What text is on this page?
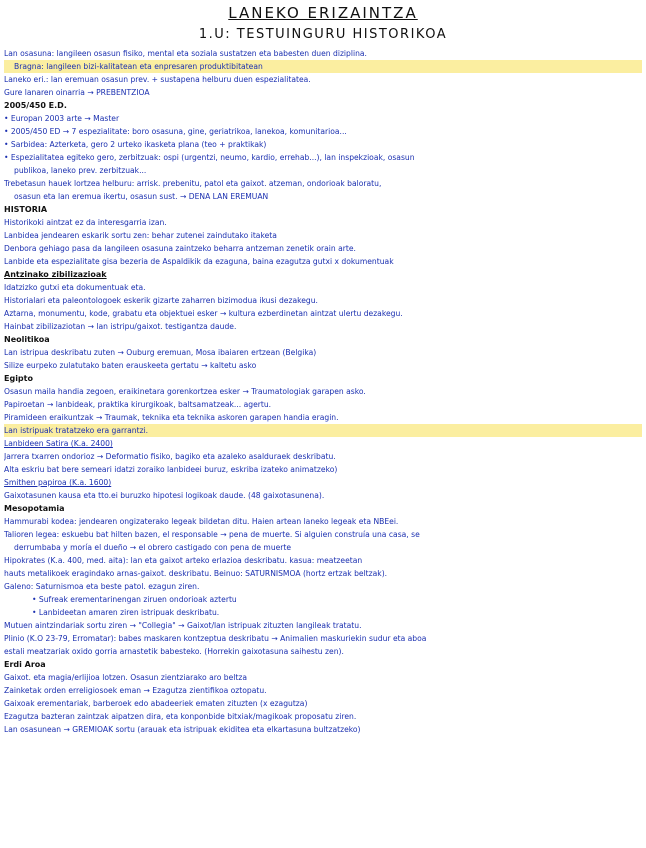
LANEKO ERIZAINTZA
1.U: TESTUINGURU HISTORIKOA
Lan osasuna: langileen osasun fisiko, mental eta soziala sustatzen eta babesten duen diziplina.
Bragna: langileen bizi-kalitatean eta enpresaren produktibitatean
Laneko eri.: lan eremuan osasun prev. + sustapena helburu duen espezialitatea.
Gure lanaren oinarria → PREBENTZIOA
2005/450 E.D.
• Europan 2003 arte → Master
• 2005/450 ED → 7 espezialitate: boro osasuna, gine, geriatrikoa, lanekoa, komunitarioa...
• Sarbidea: Azterketa, gero 2 urteko ikasketa plana (teo + praktikak)
• Espezialitatea egiteko gero, zerbitzuak: ospi (urgentzi, neumo, kardio, errehab...), lan inspekzioak, osasun
publikoa, laneko prev. zerbitzuak...
Trebetasun hauek lortzea helburu: arrisk. prebenitu, patol eta gaixot. atzeman, ondorioak baloratu,
osasun eta lan eremua ikertu, osasun sust. → DENA LAN EREMUAN
HISTORIA
Historikoki aintzat ez da interesgarria izan.
Lanbidea jendearen eskarik sortu zen: behar zutenei zaindutako itaketa
Denbora gehiago pasa da langileen osasuna zaintzeko beharra antzeman zenetik orain arte.
Lanbide eta espezialitate gisa bezeria de Aspaldikik da ezaguna, baina ezagutza gutxi x dokumentuak
Antzinako zibilizazioak
Idatzizko gutxi eta dokumentuak eta.
Historialari eta paleontologoek eskerik gizarte zaharren bizimodua ikusi dezakegu.
Aztarna, monumentu, kode, grabatu eta objektuei esker → kultura ezberdinetan aintzat ulertu dezakegu.
Hainbat zibilizaziotan → lan istripu/gaixot. testigantza daude.
Neolitikoa
Lan istripua deskribatu zuten → Ouburg eremuan, Mosa ibaiaren ertzean (Belgika)
Silize eurpeko zulatutako baten erauskeeta gertatu → kaltetu asko
Egipto
Osasun maila handia zegoen, eraikinetara gorenkortzea esker → Traumatologiak garapen asko.
Papiroetan → lanbideak, praktika kirurgikoak, baltsamatzeak... agertu.
Piramideen eraikuntzak → Traumak, teknika eta teknika askoren garapen handia eragin.
Lan istripuak tratatzeko era garrantzi.
Lanbideen Satira (K.a. 2400)
Jarrera txarren ondorioz → Deformatio fisiko, bagiko eta azaleko asalduraek deskribatu.
Alta eskriu bat bere semeari idatzi zoraiko lanbideei buruz, eskriba izateko animatzeko)
Smithen papiroa (K.a. 1600)
Gaixotasunen kausa eta tto.ei buruzko hipotesi logikoak daude. (48 gaixotasunena).
Mesopotamia
Hammurabi kodea: jendearen ongizaterako legeak bildetan ditu. Haien artean laneko legeak eta NBEei.
Talioren legea: eskuebu bat hilten bazen, el responsable → pena de muerte. Si alguien construía una casa, se
derrumbaba y moría el dueño → el obrero castigado con pena de muerte
Hipokrates (K.a. 400, med. aita): lan eta gaixot arteko erlazioa deskribatu. kasua: meatzeetan
hauts metalikoek eragindako arnas-gaixot. deskribatu. Beinuo: SATURNISMOA (hortz ertzak beltzak).
Galeno: Saturnismoa eta beste patol. ezagun ziren.
• Sufreak erementarinengan ziruen ondorioak aztertu
• Lanbideetan amaren ziren istripuak deskribatu.
Mutuen aintzindariak sortu ziren → "Collegia" → Gaixot/lan istripuak zituzten langileak tratatu.
Plinio (K.O 23-79, Erromatar): babes maskaren kontzeptua deskribatu → Animalien maskuriekin sudur eta aboa
estali meatzariak oxido gorria arnastetik babesteko. (Horrekin gaixotasuna saihestu zen).
Erdi Aroa
Gaixot. eta magia/erlijioa lotzen. Osasun zientziarako aro beltza
Zainketak orden erreligiosoek eman → Ezagutza zientifikoa oztopatu.
Gaixoak erementariak, barberoek edo abadeeriek ematen zituzten (x ezagutza)
Ezagutza bazteran zaintzak aipatzen dira, eta konponbide bitxiak/magikoak proposatu ziren.
Lan osasunean → GREMIOAK sortu (arauak eta istripuak ekiditea eta elkartasuna bultzatzeko)
